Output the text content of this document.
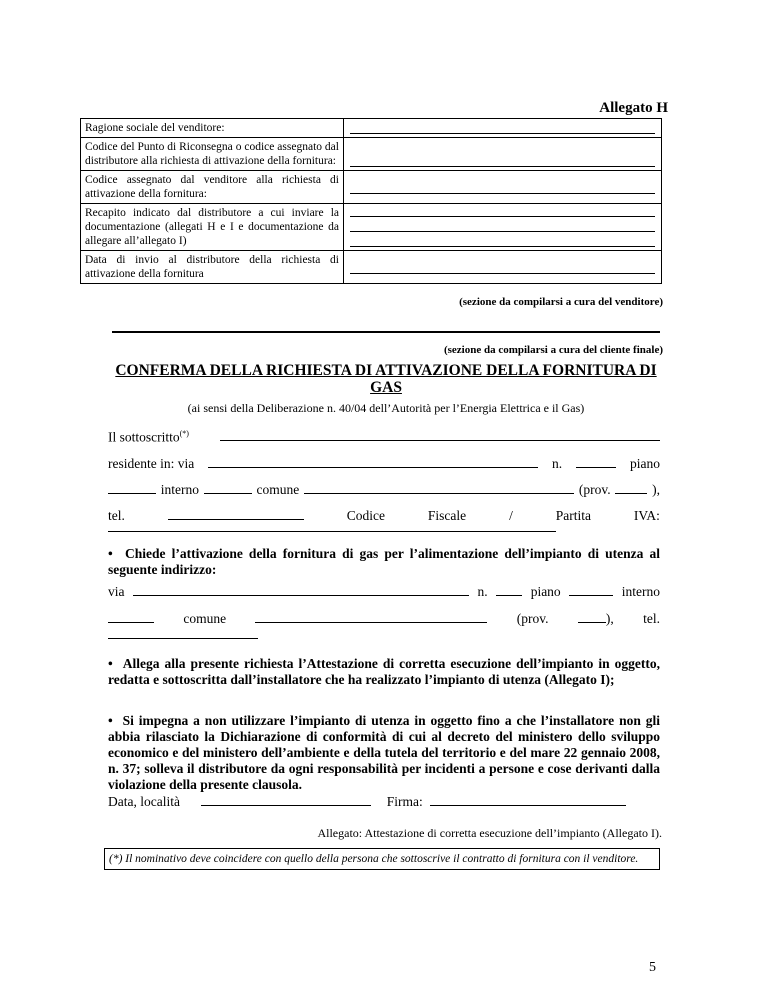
Allegato H
Ragione sociale del venditore:	

Codice del Punto di Riconsegna o codice assegnato dal distributore alla richiesta di attivazione della fornitura:	

Codice assegnato dal venditore alla richiesta di attivazione della fornitura:	

Recapito indicato dal distributore a cui inviare la documentazione (allegati H e I e documentazione da allegare all’allegato I)	

Data di invio al distributore della richiesta di attivazione della fornitura	
(sezione da compilarsi a cura del venditore)
(sezione da compilarsi a cura del cliente finale)
CONFERMA DELLA RICHIESTA DI ATTIVAZIONE DELLA FORNITURA DI GAS
(ai sensi della Deliberazione n. 40/04 dell’Autorità per l’Energia Elettrica e il Gas)
Il sottoscritto(*)
residente in: via	n.	piano
interno	comune	(prov.	),
tel.	Codice	Fiscale	/	Partita	IVA:
•  Chiede l’attivazione della fornitura di gas per l’alimentazione dell’impianto di utenza al seguente indirizzo:
via	n.	piano	interno
comune	(prov.	), tel.
•  Allega alla presente richiesta l’Attestazione di corretta esecuzione dell’impianto in oggetto, redatta e sottoscritta dall’installatore che ha realizzato l’impianto di utenza (Allegato I);
•  Si impegna a non utilizzare l’impianto di utenza in oggetto fino a che l’installatore non gli abbia rilasciato la Dichiarazione di conformità di cui al decreto del ministero dello sviluppo economico e del ministero dell’ambiente e della tutela del territorio e del mare 22 gennaio 2008, n. 37; solleva il distributore da ogni responsabilità per incidenti a persone e cose derivanti dalla violazione della presente clausola.
Data, località	Firma:
Allegato: Attestazione di corretta esecuzione dell’impianto (Allegato I).
(*) Il nominativo deve coincidere con quello della persona che sottoscrive il contratto di fornitura con il venditore.
5
